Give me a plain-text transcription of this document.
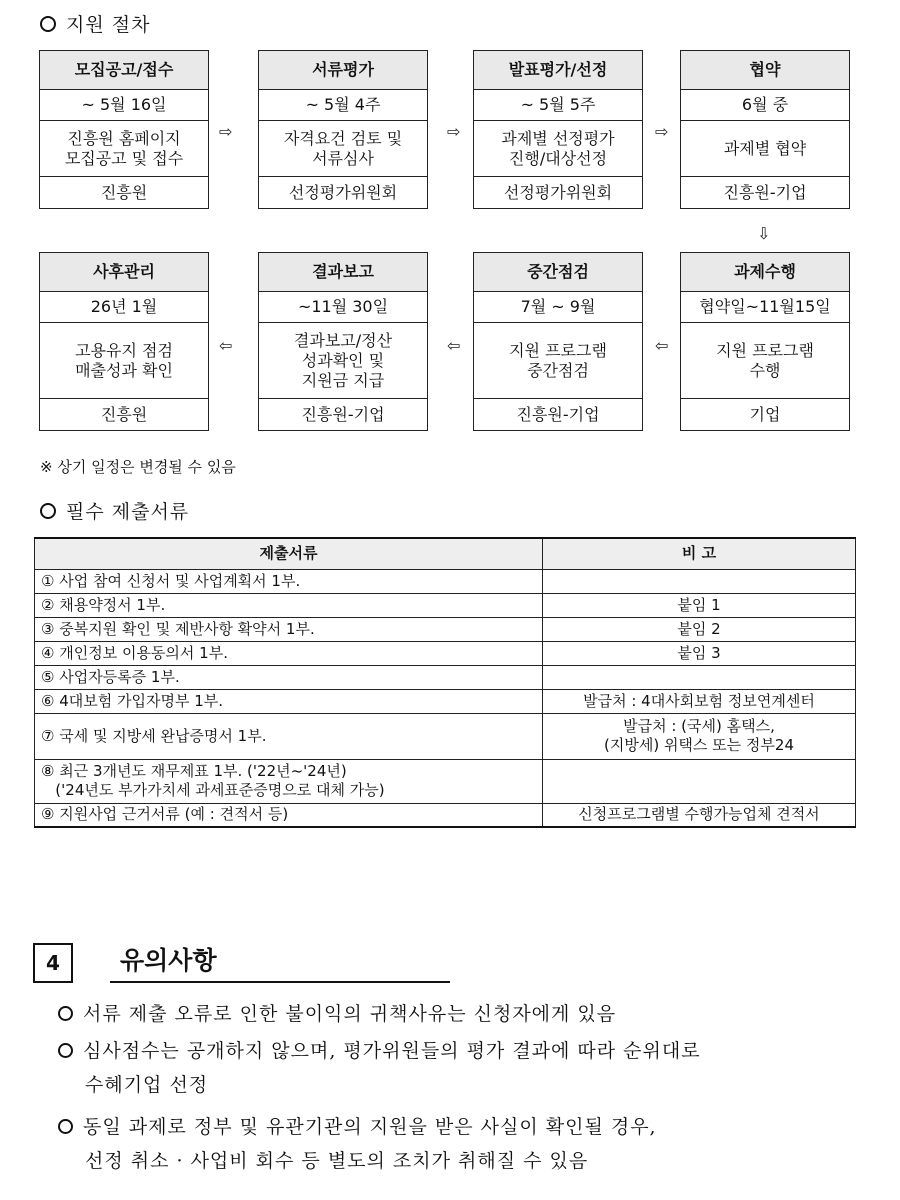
지원 절차
모집공고/접수
~ 5월 16일
진흥원 홈페이지
모집공고 및 접수
진흥원
⇨
서류평가
~ 5월 4주
자격요건 검토 및
서류심사
선정평가위원회
⇨
발표평가/선정
~ 5월 5주
과제별 선정평가
진행/대상선정
선정평가위원회
⇨
협약
6월 중
과제별 협약
진흥원-기업
⇩
사후관리
26년 1월
고용유지 점검
매출성과 확인
진흥원
⇦
결과보고
~11월 30일
결과보고/정산
성과확인 및
지원금 지급
진흥원-기업
⇦
중간점검
7월 ~ 9월
지원 프로그램
중간점검
진흥원-기업
⇦
과제수행
협약일~11월15일
지원 프로그램
수행
기업
※ 상기 일정은 변경될 수 있음
필수 제출서류
제출서류	비 고
① 사업 참여 신청서 및 사업계획서 1부.	
② 채용약정서 1부.	붙임 1
③ 중복지원 확인 및 제반사항 확약서 1부.	붙임 2
④ 개인정보 이용동의서 1부.	붙임 3
⑤ 사업자등록증 1부.	
⑥ 4대보험 가입자명부 1부.	발급처 : 4대사회보험 정보연계센터
⑦ 국세 및 지방세 완납증명서 1부.	발급처 : (국세) 홈택스,
(지방세) 위택스 또는 정부24
⑧ 최근 3개년도 재무제표 1부. ('22년~'24년)
('24년도 부가가치세 과세표준증명으로 대체 가능)	
⑨ 지원사업 근거서류 (예 : 견적서 등)	신청프로그램별 수행가능업체 견적서
4	유의사항
서류 제출 오류로 인한 불이익의 귀책사유는 신청자에게 있음
심사점수는 공개하지 않으며, 평가위원들의 평가 결과에 따라 순위대로
수혜기업 선정
동일 과제로 정부 및 유관기관의 지원을 받은 사실이 확인될 경우,
선정 취소 · 사업비 회수 등 별도의 조치가 취해질 수 있음
